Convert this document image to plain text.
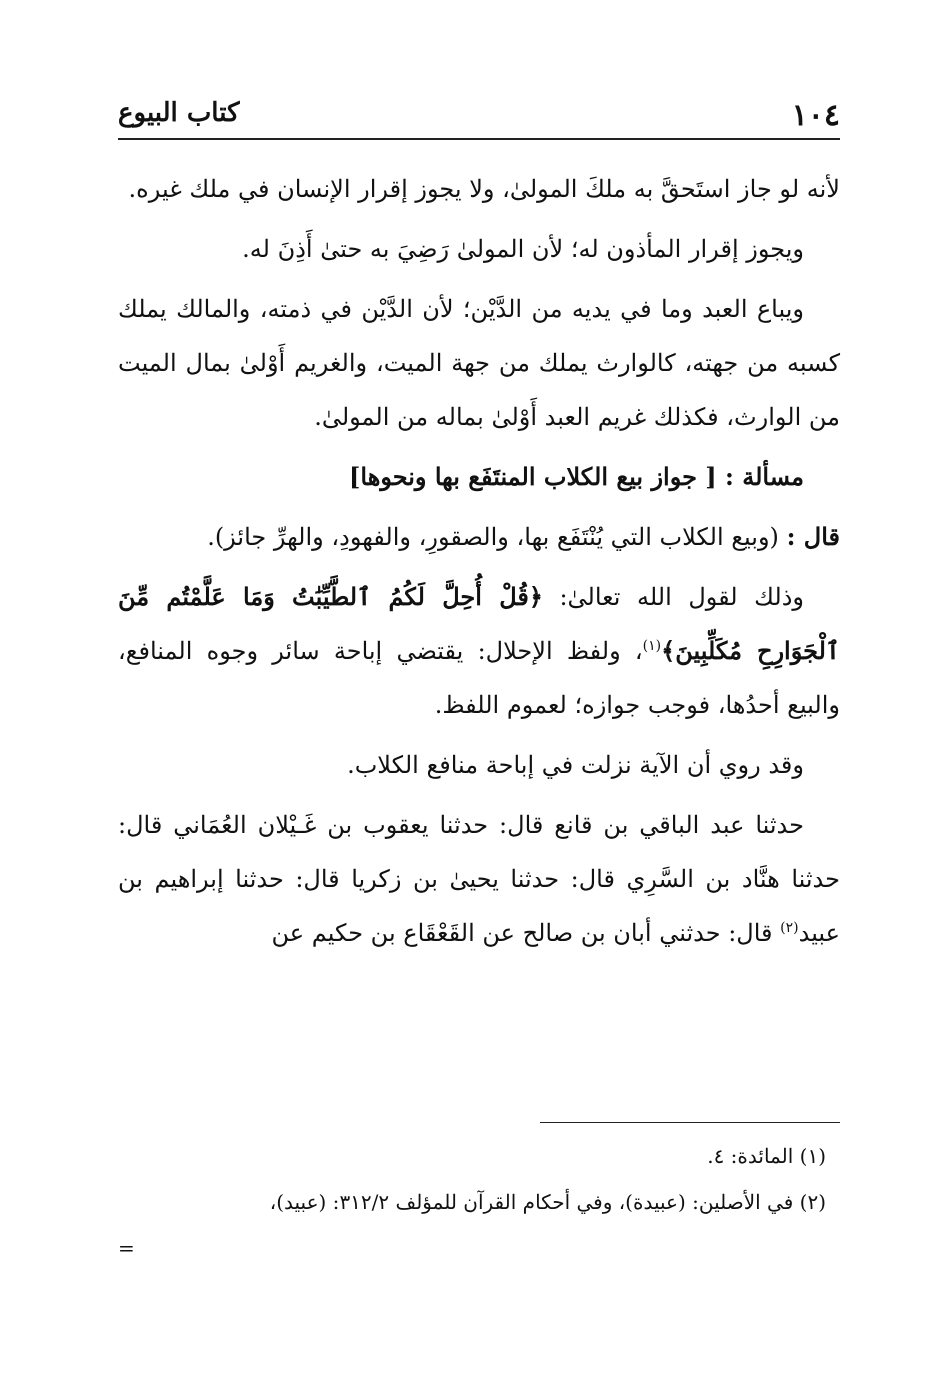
١٠٤
كتاب البيوع

لأنه لو جاز استَحقَّ به ملكَ المولىٰ، ولا يجوز إقرار الإنسان في ملك غيره.

ويجوز إقرار المأذون له؛ لأن المولىٰ رَضِيَ به حتىٰ أَذِنَ له.

ويباع العبد وما في يديه من الدَّيْن؛ لأن الدَّيْن في ذمته، والمالك يملك كسبه من جهته، كالوارث يملك من جهة الميت، والغريم أَوْلىٰ بمال الميت من الوارث، فكذلك غريم العبد أَوْلىٰ بماله من المولىٰ.

مسألة : [ جواز بيع الكلاب المنتَفَع بها ونحوها]

قال : (وبيع الكلاب التي يُنْتَفَع بها، والصقورِ، والفهودِ، والهرِّ جائز).

وذلك لقول الله تعالىٰ: ﴿قُلْ أُحِلَّ لَكُمُ ٱلطَّيِّبَٰتُ وَمَا عَلَّمْتُم مِّنَ ٱلْجَوَارِحِ مُكَلِّبِينَ﴾$^{(١)}$، ولفظ الإحلال: يقتضي إباحة سائر وجوه المنافع، والبيع أحدُها، فوجب جوازه؛ لعموم اللفظ.

وقد روي أن الآية نزلت في إباحة منافع الكلاب.

حدثنا عبد الباقي بن قانع قال: حدثنا يعقوب بن غَـيْلان العُمَاني قال: حدثنا هنَّاد بن السَّرِي قال: حدثنا يحيىٰ بن زكريا قال: حدثنا إبراهيم بن عبيد$^{(٢)}$ قال: حدثني أبان بن صالح عن القَعْقَاع بن حكيم عن

(١) المائدة: ٤.

(٢) في الأصلين: (عبيدة)، وفي أحكام القرآن للمؤلف ٣١٢/٢: (عبيد)،

=
